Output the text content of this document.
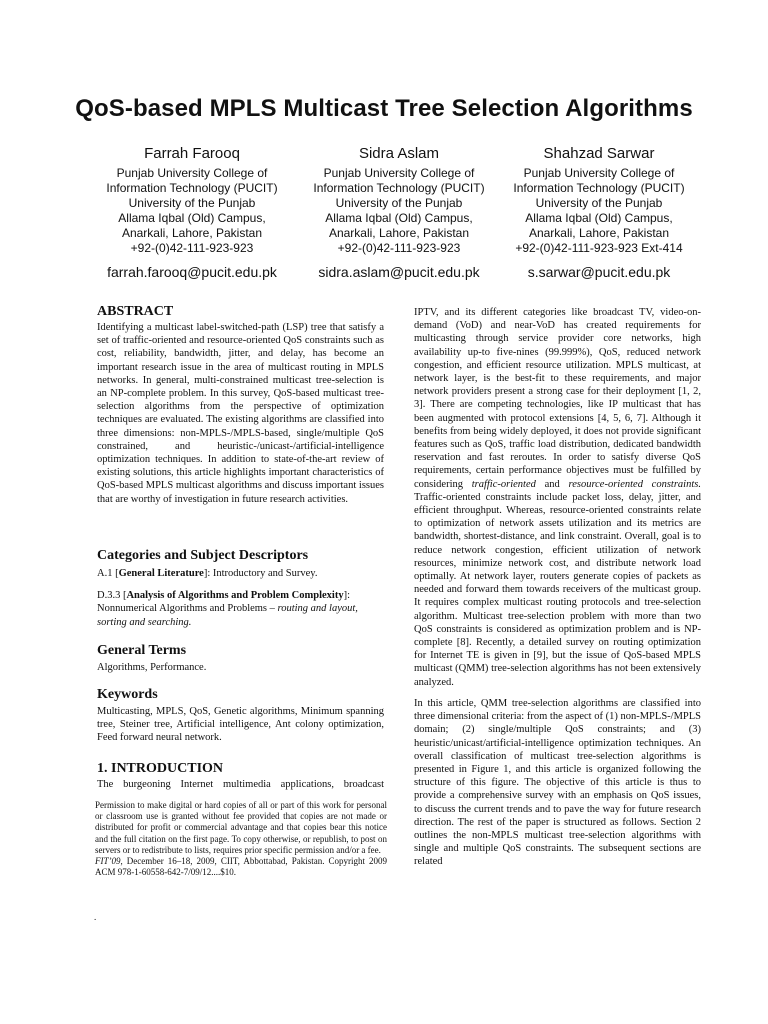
QoS-based MPLS Multicast Tree Selection Algorithms
Farrah Farooq
Punjab University College of
Information Technology (PUCIT)
University of the Punjab
Allama Iqbal (Old) Campus,
Anarkali, Lahore, Pakistan
+92-(0)42-111-923-923
farrah.farooq@pucit.edu.pk
Sidra Aslam
Punjab University College of
Information Technology (PUCIT)
University of the Punjab
Allama Iqbal (Old) Campus,
Anarkali, Lahore, Pakistan
+92-(0)42-111-923-923
sidra.aslam@pucit.edu.pk
Shahzad Sarwar
Punjab University College of
Information Technology (PUCIT)
University of the Punjab
Allama Iqbal (Old) Campus,
Anarkali, Lahore, Pakistan
+92-(0)42-111-923-923 Ext-414
s.sarwar@pucit.edu.pk
ABSTRACT

Identifying a multicast label-switched-path (LSP) tree that satisfy a set of traffic-oriented and resource-oriented QoS constraints such as cost, reliability, bandwidth, jitter, and delay, has become an important research issue in the area of multicast routing in MPLS networks. In general, multi-constrained multicast tree-selection is an NP-complete problem. In this survey, QoS-based multicast tree-selection algorithms from the perspective of optimization techniques are evaluated. The existing algorithms are classified into three dimensions: non-MPLS-/MPLS-based, single/multiple QoS constrained, and heuristic-/unicast-/artificial-intelligence optimization techniques. In addition to state-of-the-art review of existing solutions, this article highlights important characteristics of QoS-based MPLS multicast algorithms and discuss important issues that are worthy of investigation in future research activities.

Categories and Subject Descriptors

A.1 [General Literature]: Introductory and Survey.

D.3.3 [Analysis of Algorithms and Problem Complexity]: Nonnumerical Algorithms and Problems – routing and layout, sorting and searching.

General Terms

Algorithms, Performance.

Keywords

Multicasting, MPLS, QoS, Genetic algorithms, Minimum spanning tree, Steiner tree, Artificial intelligence, Ant colony optimization, Feed forward neural network.

1. INTRODUCTION

The burgeoning Internet multimedia applications, broadcast

Permission to make digital or hard copies of all or part of this work for personal or classroom use is granted without fee provided that copies are not made or distributed for profit or commercial advantage and that copies bear this notice and the full citation on the first page. To copy otherwise, or republish, to post on servers or to redistribute to lists, requires prior specific permission and/or a fee.
FIT’09, December 16–18, 2009, CIIT, Abbottabad, Pakistan. Copyright 2009 ACM 978-1-60558-642-7/09/12....$10.
.

IPTV, and its different categories like broadcast TV, video-on-demand (VoD) and near-VoD has created requirements for multicasting through service provider core networks, high availability up-to five-nines (99.999%), QoS, reduced network congestion, and efficient resource utilization. MPLS multicast, at network layer, is the best-fit to these requirements, and major network providers present a strong case for their deployment [1, 2, 3]. There are competing technologies, like IP multicast that has been augmented with protocol extensions [4, 5, 6, 7]. Although it benefits from being widely deployed, it does not provide significant features such as QoS, traffic load distribution, dedicated bandwidth reservation and fast reroutes. In order to satisfy diverse QoS requirements, certain performance objectives must be fulfilled by considering traffic-oriented and resource-oriented constraints. Traffic-oriented constraints include packet loss, delay, jitter, and efficient throughput. Whereas, resource-oriented constraints relate to optimization of network assets utilization and its metrics are bandwidth, shortest-distance, and link constraint. Overall, goal is to reduce network congestion, efficient utilization of network resources, minimize network cost, and distribute network load optimally. At network layer, routers generate copies of packets as needed and forward them towards receivers of the multicast group. It requires complex multicast routing protocols and tree-selection algorithm. Multicast tree-selection problem with more than two QoS constraints is considered as optimization problem and is NP-complete [8]. Recently, a detailed survey on routing optimization for Internet TE is given in [9], but the issue of QoS-based MPLS multicast (QMM) tree-selection algorithms has not been extensively analyzed.

In this article, QMM tree-selection algorithms are classified into three dimensional criteria: from the aspect of (1) non-MPLS-/MPLS domain; (2) single/multiple QoS constraints; and (3) heuristic/unicast/artificial-intelligence optimization techniques. An overall classification of multicast tree-selection algorithms is presented in Figure 1, and this article is organized following the structure of this figure. The objective of this article is thus to provide a comprehensive survey with an emphasis on QoS issues, to discuss the current trends and to pave the way for future research direction. The rest of the paper is structured as follows. Section 2 outlines the non-MPLS multicast tree-selection algorithms with single and multiple QoS constraints. The subsequent sections are related
